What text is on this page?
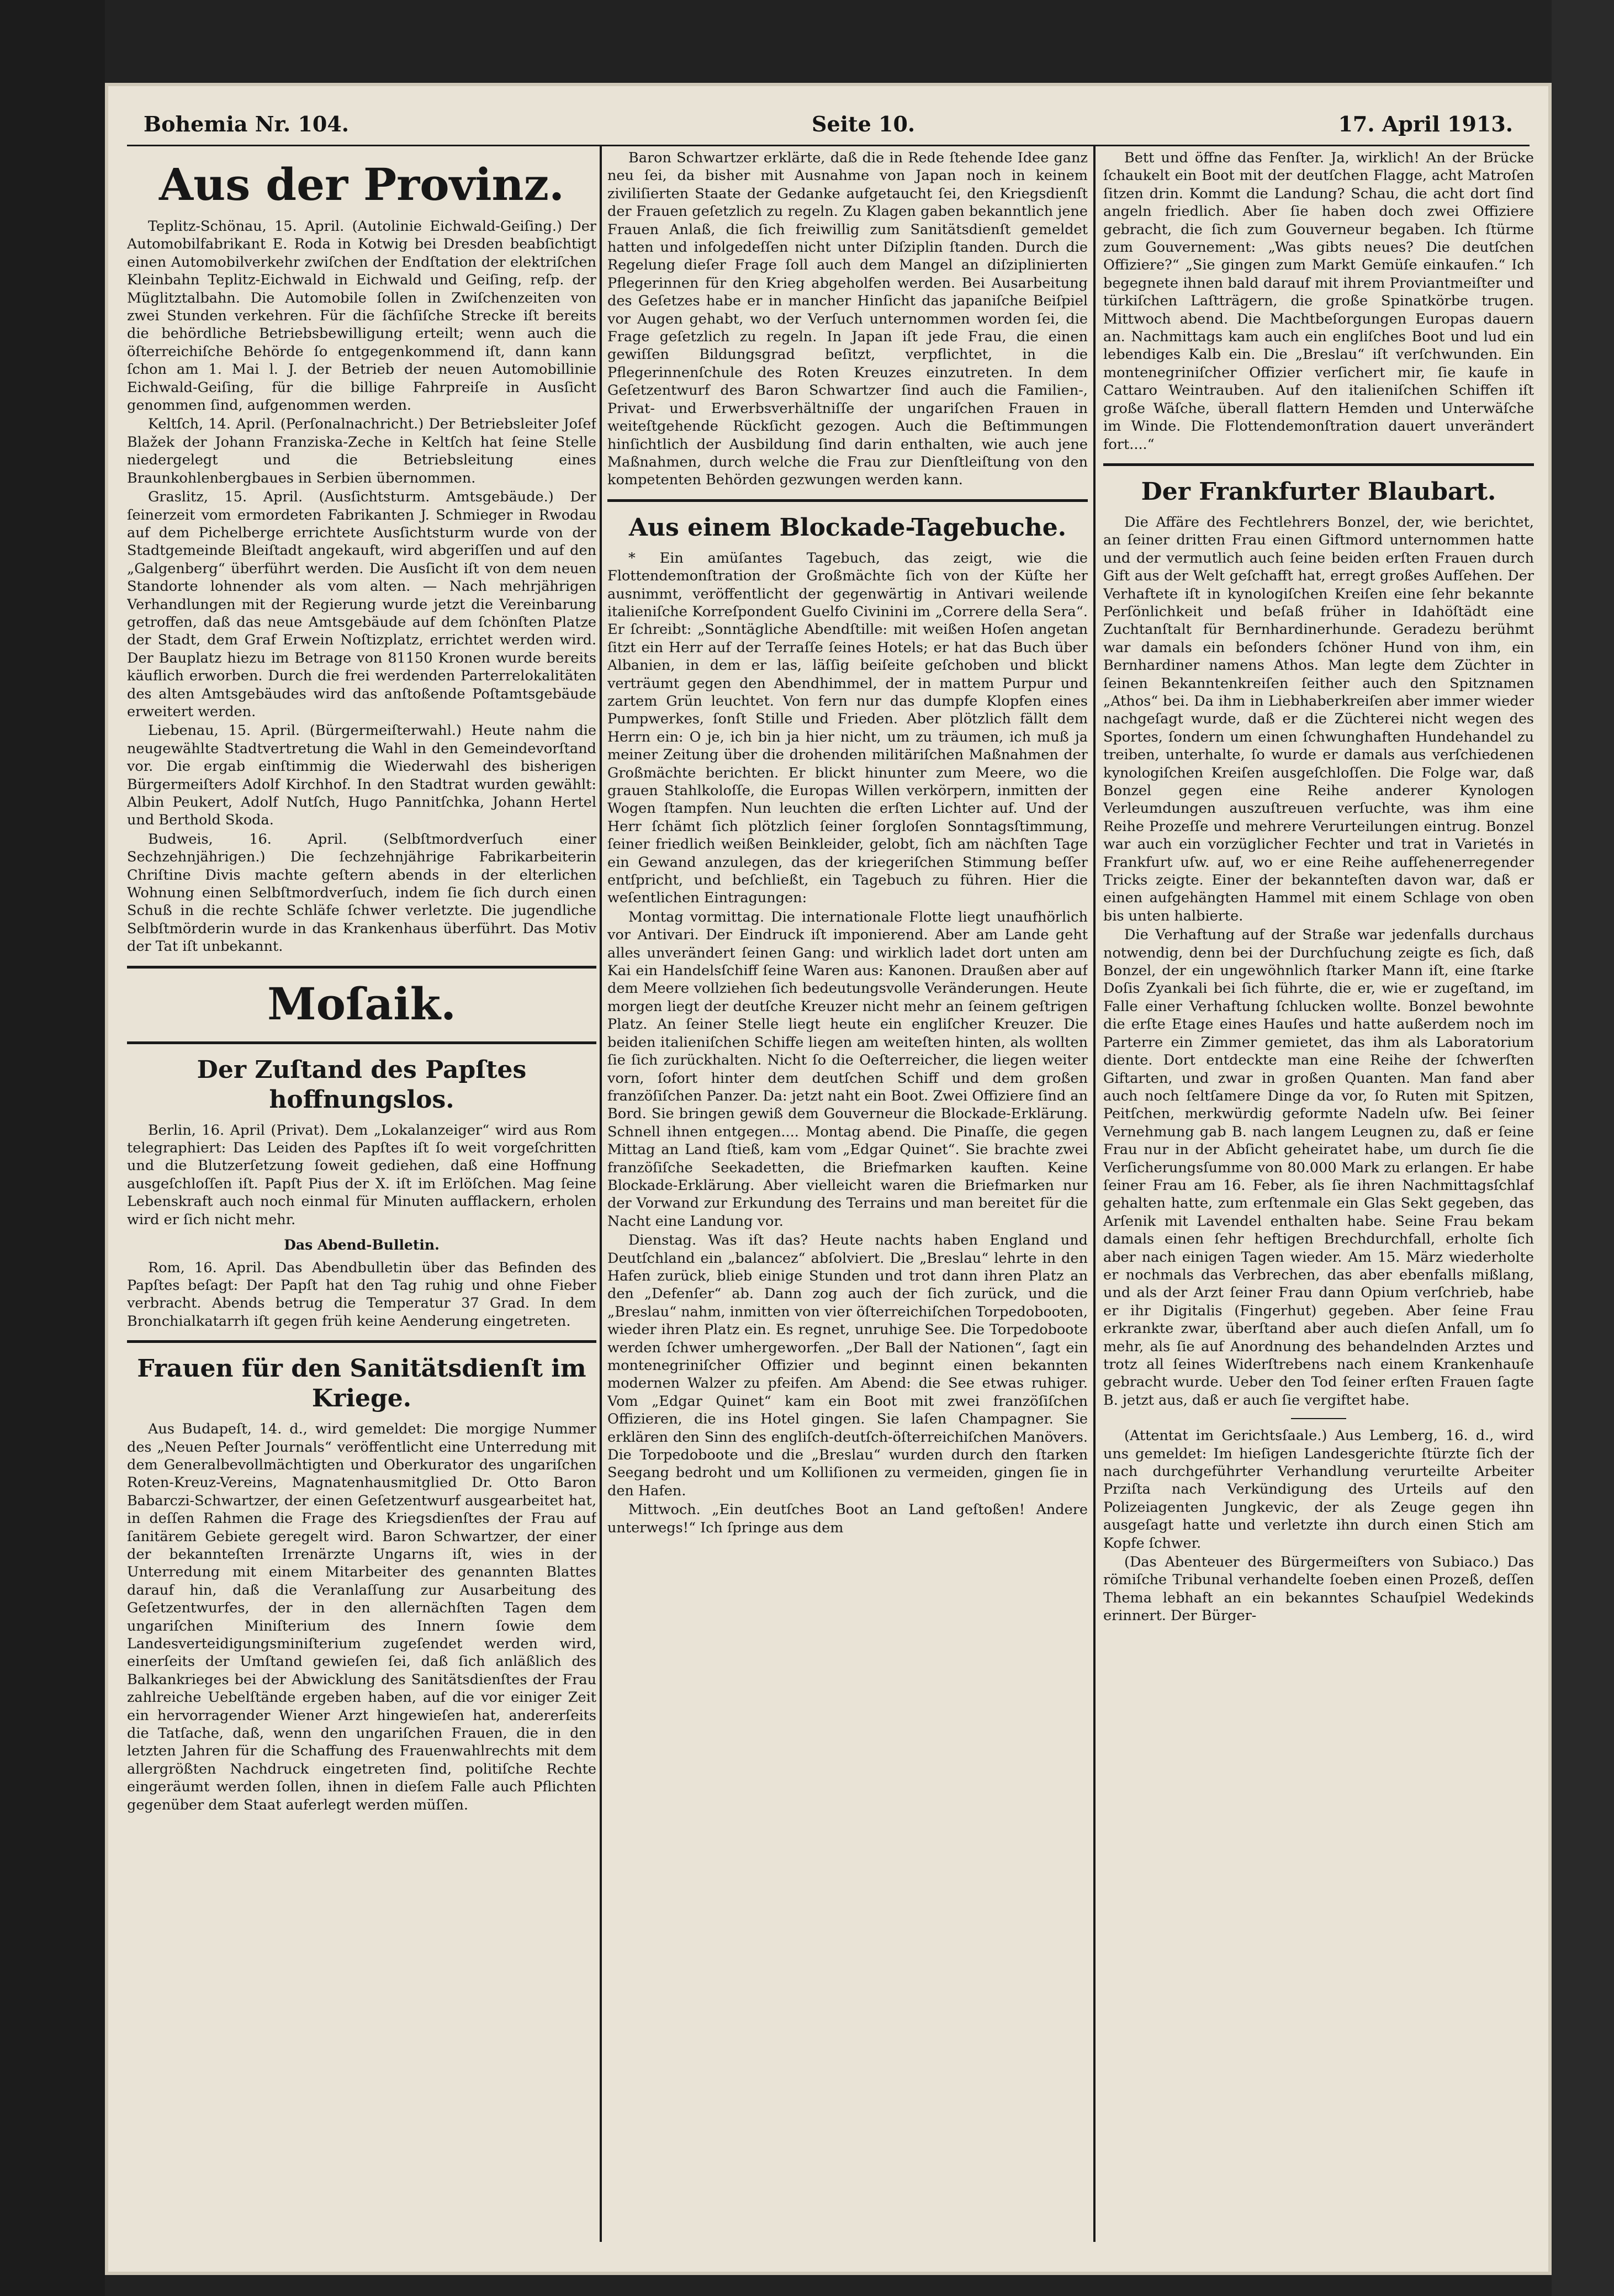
Bohemia Nr. 104.	Seite 10.	17. April 1913.
Aus der Provinz.

Teplitz-Schönau, 15. April. (Autolinie Eichwald-Geiſing.) Der Automobilfabrikant E. Roda in Kotwig bei Dresden beabſichtigt einen Automobilverkehr zwiſchen der Endſtation der elektriſchen Kleinbahn Teplitz-Eichwald in Eichwald und Geiſing, reſp. der Müglitztalbahn. Die Automobile ſollen in Zwiſchenzeiten von zwei Stunden verkehren. Für die ſächſiſche Strecke iſt bereits die behördliche Betriebsbewilligung erteilt; wenn auch die öſterreichiſche Behörde ſo entgegenkommend iſt, dann kann ſchon am 1. Mai l. J. der Betrieb der neuen Automobillinie Eichwald-Geiſing, für die billige Fahrpreiſe in Ausſicht genommen ſind, aufgenommen werden.

Keltſch, 14. April. (Perſonalnachricht.) Der Betriebsleiter Joſef Blažek der Johann Franziska-Zeche in Keltſch hat ſeine Stelle niedergelegt und die Betriebsleitung eines Braunkohlenbergbaues in Serbien übernommen.

Graslitz, 15. April. (Ausſichtsturm. Amtsgebäude.) Der ſeinerzeit vom ermordeten Fabrikanten J. Schmieger in Rwodau auf dem Pichelberge errichtete Ausſichtsturm wurde von der Stadtgemeinde Bleiſtadt angekauft, wird abgeriſſen und auf den „Galgenberg“ überführt werden. Die Ausſicht iſt von dem neuen Standorte lohnender als vom alten. — Nach mehrjährigen Verhandlungen mit der Regierung wurde jetzt die Vereinbarung getroffen, daß das neue Amtsgebäude auf dem ſchönſten Platze der Stadt, dem Graf Erwein Noſtizplatz, errichtet werden wird. Der Bauplatz hiezu im Betrage von 81150 Kronen wurde bereits käuflich erworben. Durch die frei werdenden Parterrelokalitäten des alten Amtsgebäudes wird das anſtoßende Poſtamtsgebäude erweitert werden.

Liebenau, 15. April. (Bürgermeiſterwahl.) Heute nahm die neugewählte Stadtvertretung die Wahl in den Gemeindevorſtand vor. Die ergab einſtimmig die Wiederwahl des bisherigen Bürgermeiſters Adolf Kirchhof. In den Stadtrat wurden gewählt: Albin Peukert, Adolf Nutſch, Hugo Pannitſchka, Johann Hertel und Berthold Skoda.

Budweis, 16. April. (Selbſtmordverſuch einer Sechzehnjährigen.) Die ſechzehnjährige Fabrikarbeiterin Chriſtine Divis machte geſtern abends in der elterlichen Wohnung einen Selbſtmordverſuch, indem ſie ſich durch einen Schuß in die rechte Schläfe ſchwer verletzte. Die jugendliche Selbſtmörderin wurde in das Krankenhaus überführt. Das Motiv der Tat iſt unbekannt.

Moſaik.
Der Zuſtand des Papſtes hoffnungslos.

Berlin, 16. April (Privat). Dem „Lokalanzeiger“ wird aus Rom telegraphiert: Das Leiden des Papſtes iſt ſo weit vorgeſchritten und die Blutzerſetzung ſoweit gediehen, daß eine Hoffnung ausgeſchloſſen iſt. Papſt Pius der X. iſt im Erlöſchen. Mag ſeine Lebenskraft auch noch einmal für Minuten aufflackern, erholen wird er ſich nicht mehr.

Das Abend-Bulletin.

Rom, 16. April. Das Abendbulletin über das Befinden des Papſtes beſagt: Der Papſt hat den Tag ruhig und ohne Fieber verbracht. Abends betrug die Temperatur 37 Grad. In dem Bronchialkatarrh iſt gegen früh keine Aenderung eingetreten.

Frauen für den Sanitätsdienſt im Kriege.

Aus Budapeſt, 14. d., wird gemeldet: Die morgige Nummer des „Neuen Peſter Journals“ veröffentlicht eine Unterredung mit dem Generalbevollmächtigten und Oberkurator des ungariſchen Roten-Kreuz-Vereins, Magnatenhausmitglied Dr. Otto Baron Babarczi-Schwartzer, der einen Geſetzentwurf ausgearbeitet hat, in deſſen Rahmen die Frage des Kriegsdienſtes der Frau auf ſanitärem Gebiete geregelt wird. Baron Schwartzer, der einer der bekannteſten Irrenärzte Ungarns iſt, wies in der Unterredung mit einem Mitarbeiter des genannten Blattes darauf hin, daß die Veranlaſſung zur Ausarbeitung des Geſetzentwurfes, der in den allernächſten Tagen dem ungariſchen Miniſterium des Innern ſowie dem Landesverteidigungsminiſterium zugeſendet werden wird, einerſeits der Umſtand gewieſen ſei, daß ſich anläßlich des Balkankrieges bei der Abwicklung des Sanitätsdienſtes der Frau zahlreiche Uebelſtände ergeben haben, auf die vor einiger Zeit ein hervorragender Wiener Arzt hingewieſen hat, andererſeits die Tatſache, daß, wenn den ungariſchen Frauen, die in den letzten Jahren für die Schaffung des Frauenwahlrechts mit dem allergrößten Nachdruck eingetreten ſind, politiſche Rechte eingeräumt werden ſollen, ihnen in dieſem Falle auch Pflichten gegenüber dem Staat auferlegt werden müſſen.

Baron Schwartzer erklärte, daß die in Rede ſtehende Idee ganz neu ſei, da bisher mit Ausnahme von Japan noch in keinem ziviliſierten Staate der Gedanke aufgetaucht ſei, den Kriegsdienſt der Frauen geſetzlich zu regeln. Zu Klagen gaben bekanntlich jene Frauen Anlaß, die ſich freiwillig zum Sanitätsdienſt gemeldet hatten und infolgedeſſen nicht unter Diſziplin ſtanden. Durch die Regelung dieſer Frage ſoll auch dem Mangel an diſziplinierten Pflegerinnen für den Krieg abgeholfen werden. Bei Ausarbeitung des Geſetzes habe er in mancher Hinſicht das japaniſche Beiſpiel vor Augen gehabt, wo der Verſuch unternommen worden ſei, die Frage geſetzlich zu regeln. In Japan iſt jede Frau, die einen gewiſſen Bildungsgrad beſitzt, verpflichtet, in die Pflegerinnenſchule des Roten Kreuzes einzutreten. In dem Geſetzentwurf des Baron Schwartzer ſind auch die Familien-, Privat- und Erwerbsverhältniſſe der ungariſchen Frauen in weiteſtgehende Rückſicht gezogen. Auch die Beſtimmungen hinſichtlich der Ausbildung ſind darin enthalten, wie auch jene Maßnahmen, durch welche die Frau zur Dienſtleiſtung von den kompetenten Behörden gezwungen werden kann.

Aus einem Blockade-Tagebuche.

* Ein amüſantes Tagebuch, das zeigt, wie die Flottendemonſtration der Großmächte ſich von der Küſte her ausnimmt, veröffentlicht der gegenwärtig in Antivari weilende italieniſche Korreſpondent Guelfo Civinini im „Correre della Sera“. Er ſchreibt: „Sonntägliche Abendſtille: mit weißen Hoſen angetan ſitzt ein Herr auf der Terraſſe ſeines Hotels; er hat das Buch über Albanien, in dem er las, läſſig beiſeite geſchoben und blickt verträumt gegen den Abendhimmel, der in mattem Purpur und zartem Grün leuchtet. Von fern nur das dumpfe Klopfen eines Pumpwerkes, ſonſt Stille und Frieden. Aber plötzlich fällt dem Herrn ein: O je, ich bin ja hier nicht, um zu träumen, ich muß ja meiner Zeitung über die drohenden militäriſchen Maßnahmen der Großmächte berichten. Er blickt hinunter zum Meere, wo die grauen Stahlkoloſſe, die Europas Willen verkörpern, inmitten der Wogen ſtampfen. Nun leuchten die erſten Lichter auf. Und der Herr ſchämt ſich plötzlich ſeiner ſorgloſen Sonntagsſtimmung, ſeiner friedlich weißen Beinkleider, gelobt, ſich am nächſten Tage ein Gewand anzulegen, das der kriegeriſchen Stimmung beſſer entſpricht, und beſchließt, ein Tagebuch zu führen. Hier die weſentlichen Eintragungen:

Montag vormittag. Die internationale Flotte liegt unaufhörlich vor Antivari. Der Eindruck iſt imponierend. Aber am Lande geht alles unverändert ſeinen Gang: und wirklich ladet dort unten am Kai ein Handelsſchiff ſeine Waren aus: Kanonen. Draußen aber auf dem Meere vollziehen ſich bedeutungsvolle Veränderungen. Heute morgen liegt der deutſche Kreuzer nicht mehr an ſeinem geſtrigen Platz. An ſeiner Stelle liegt heute ein engliſcher Kreuzer. Die beiden italieniſchen Schiffe liegen am weiteſten hinten, als wollten ſie ſich zurückhalten. Nicht ſo die Oeſterreicher, die liegen weiter vorn, ſofort hinter dem deutſchen Schiff und dem großen franzöſiſchen Panzer. Da: jetzt naht ein Boot. Zwei Offiziere ſind an Bord. Sie bringen gewiß dem Gouverneur die Blockade-Erklärung. Schnell ihnen entgegen.... Montag abend. Die Pinaſſe, die gegen Mittag an Land ſtieß, kam vom „Edgar Quinet“. Sie brachte zwei franzöſiſche Seekadetten, die Briefmarken kauften. Keine Blockade-Erklärung. Aber vielleicht waren die Briefmarken nur der Vorwand zur Erkundung des Terrains und man bereitet für die Nacht eine Landung vor.

Dienstag. Was iſt das? Heute nachts haben England und Deutſchland ein „balancez“ abſolviert. Die „Breslau“ lehrte in den Hafen zurück, blieb einige Stunden und trot dann ihren Platz an den „Defenſer“ ab. Dann zog auch der ſich zurück, und die „Breslau“ nahm, inmitten von vier öſterreichiſchen Torpedobooten, wieder ihren Platz ein. Es regnet, unruhige See. Die Torpedoboote werden ſchwer umhergeworfen. „Der Ball der Nationen“, ſagt ein montenegriniſcher Offizier und beginnt einen bekannten modernen Walzer zu pfeifen. Am Abend: die See etwas ruhiger. Vom „Edgar Quinet“ kam ein Boot mit zwei franzöſiſchen Offizieren, die ins Hotel gingen. Sie laſen Champagner. Sie erklären den Sinn des engliſch-deutſch-öſterreichiſchen Manövers. Die Torpedoboote und die „Breslau“ wurden durch den ſtarken Seegang bedroht und um Kolliſionen zu vermeiden, gingen ſie in den Hafen.

Mittwoch. „Ein deutſches Boot an Land geſtoßen! Andere unterwegs!“ Ich ſpringe aus dem

Bett und öffne das Fenſter. Ja, wirklich! An der Brücke ſchaukelt ein Boot mit der deutſchen Flagge, acht Matroſen ſitzen drin. Kommt die Landung? Schau, die acht dort ſind angeln friedlich. Aber ſie haben doch zwei Offiziere gebracht, die ſich zum Gouverneur begaben. Ich ſtürme zum Gouvernement: „Was gibts neues? Die deutſchen Offiziere?“ „Sie gingen zum Markt Gemüſe einkaufen.“ Ich begegnete ihnen bald darauf mit ihrem Proviantmeiſter und türkiſchen Laſtträgern, die große Spinatkörbe trugen. Mittwoch abend. Die Machtbeſorgungen Europas dauern an. Nachmittags kam auch ein engliſches Boot und lud ein lebendiges Kalb ein. Die „Breslau“ iſt verſchwunden. Ein montenegriniſcher Offizier verſichert mir, ſie kaufe in Cattaro Weintrauben. Auf den italieniſchen Schiffen iſt große Wäſche, überall flattern Hemden und Unterwäſche im Winde. Die Flottendemonſtration dauert unverändert fort....“

Der Frankfurter Blaubart.

Die Affäre des Fechtlehrers Bonzel, der, wie berichtet, an ſeiner dritten Frau einen Giftmord unternommen hatte und der vermutlich auch ſeine beiden erſten Frauen durch Gift aus der Welt geſchafft hat, erregt großes Aufſehen. Der Verhaftete iſt in kynologiſchen Kreiſen eine ſehr bekannte Perſönlichkeit und beſaß früher in Idahöſtädt eine Zuchtanſtalt für Bernhardinerhunde. Geradezu berühmt war damals ein beſonders ſchöner Hund von ihm, ein Bernhardiner namens Athos. Man legte dem Züchter in ſeinen Bekanntenkreiſen ſeither auch den Spitznamen „Athos“ bei. Da ihm in Liebhaberkreiſen aber immer wieder nachgeſagt wurde, daß er die Züchterei nicht wegen des Sportes, ſondern um einen ſchwunghaften Hundehandel zu treiben, unterhalte, ſo wurde er damals aus verſchiedenen kynologiſchen Kreiſen ausgeſchloſſen. Die Folge war, daß Bonzel gegen eine Reihe anderer Kynologen Verleumdungen auszuſtreuen verſuchte, was ihm eine Reihe Prozeſſe und mehrere Verurteilungen eintrug. Bonzel war auch ein vorzüglicher Fechter und trat in Varietés in Frankfurt uſw. auf, wo er eine Reihe aufſehenerregender Tricks zeigte. Einer der bekannteſten davon war, daß er einen aufgehängten Hammel mit einem Schlage von oben bis unten halbierte.

Die Verhaftung auf der Straße war jedenfalls durchaus notwendig, denn bei der Durchſuchung zeigte es ſich, daß Bonzel, der ein ungewöhnlich ſtarker Mann iſt, eine ſtarke Doſis Zyankali bei ſich führte, die er, wie er zugeſtand, im Falle einer Verhaftung ſchlucken wollte. Bonzel bewohnte die erſte Etage eines Hauſes und hatte außerdem noch im Parterre ein Zimmer gemietet, das ihm als Laboratorium diente. Dort entdeckte man eine Reihe der ſchwerſten Giftarten, und zwar in großen Quanten. Man fand aber auch noch ſeltſamere Dinge da vor, ſo Ruten mit Spitzen, Peitſchen, merkwürdig geformte Nadeln uſw. Bei ſeiner Vernehmung gab B. nach langem Leugnen zu, daß er ſeine Frau nur in der Abſicht geheiratet habe, um durch ſie die Verſicherungsſumme von 80.000 Mark zu erlangen. Er habe ſeiner Frau am 16. Feber, als ſie ihren Nachmittagsſchlaf gehalten hatte, zum erſtenmale ein Glas Sekt gegeben, das Arſenik mit Lavendel enthalten habe. Seine Frau bekam damals einen ſehr heftigen Brechdurchfall, erholte ſich aber nach einigen Tagen wieder. Am 15. März wiederholte er nochmals das Verbrechen, das aber ebenfalls mißlang, und als der Arzt ſeiner Frau dann Opium verſchrieb, habe er ihr Digitalis (Fingerhut) gegeben. Aber ſeine Frau erkrankte zwar, überſtand aber auch dieſen Anfall, um ſo mehr, als ſie auf Anordnung des behandelnden Arztes und trotz all ſeines Widerſtrebens nach einem Krankenhauſe gebracht wurde. Ueber den Tod ſeiner erſten Frauen ſagte B. jetzt aus, daß er auch ſie vergiftet habe.

(Attentat im Gerichtsſaale.) Aus Lemberg, 16. d., wird uns gemeldet: Im hieſigen Landesgerichte ſtürzte ſich der nach durchgeführter Verhandlung verurteilte Arbeiter Prziſta nach Verkündigung des Urteils auf den Polizeiagenten Jungkevic, der als Zeuge gegen ihn ausgeſagt hatte und verletzte ihn durch einen Stich am Kopfe ſchwer.

(Das Abenteuer des Bürgermeiſters von Subiaco.) Das römiſche Tribunal verhandelte ſoeben einen Prozeß, deſſen Thema lebhaft an ein bekanntes Schauſpiel Wedekinds erinnert. Der Bürger-
